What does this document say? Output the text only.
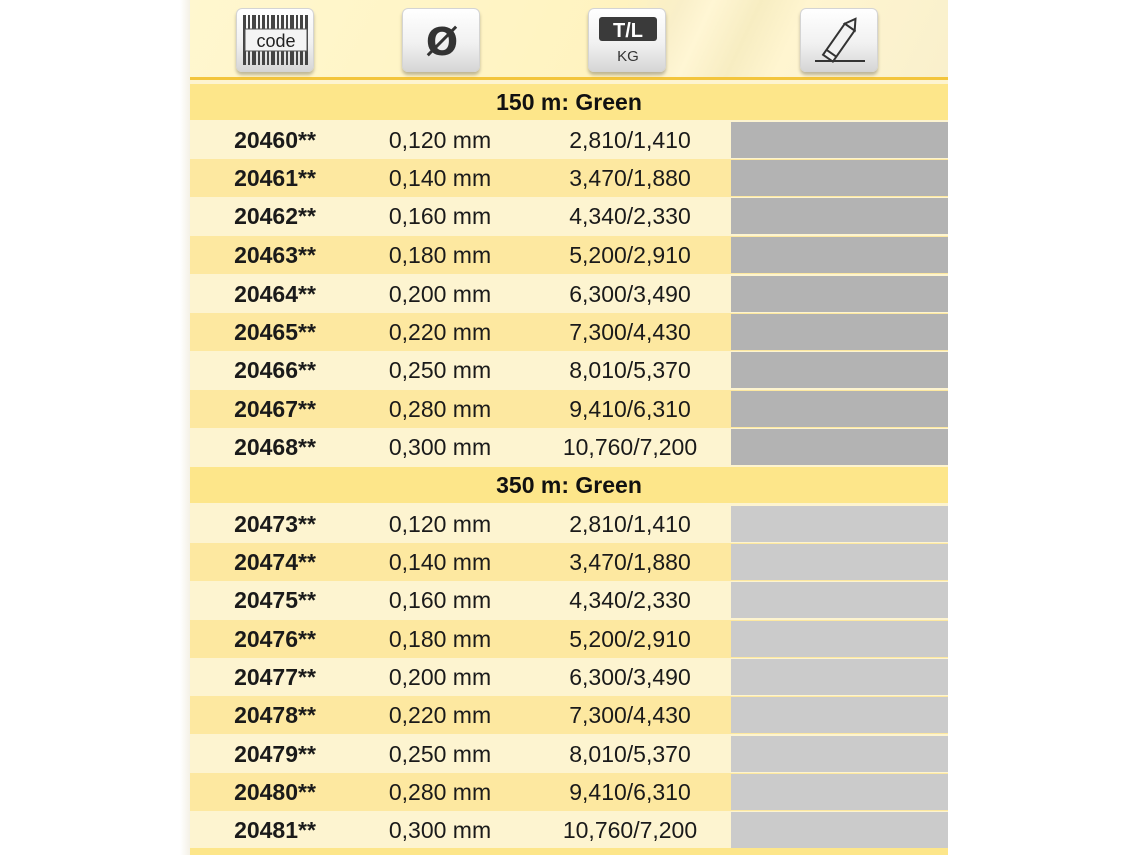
code	Ø	T/L
KG
150 m: Green
20460**	0,120 mm	2,810/1,410
20461**	0,140 mm	3,470/1,880
20462**	0,160 mm	4,340/2,330
20463**	0,180 mm	5,200/2,910
20464**	0,200 mm	6,300/3,490
20465**	0,220 mm	7,300/4,430
20466**	0,250 mm	8,010/5,370
20467**	0,280 mm	9,410/6,310
20468**	0,300 mm	10,760/7,200
350 m: Green
20473**	0,120 mm	2,810/1,410
20474**	0,140 mm	3,470/1,880
20475**	0,160 mm	4,340/2,330
20476**	0,180 mm	5,200/2,910
20477**	0,200 mm	6,300/3,490
20478**	0,220 mm	7,300/4,430
20479**	0,250 mm	8,010/5,370
20480**	0,280 mm	9,410/6,310
20481**	0,300 mm	10,760/7,200
